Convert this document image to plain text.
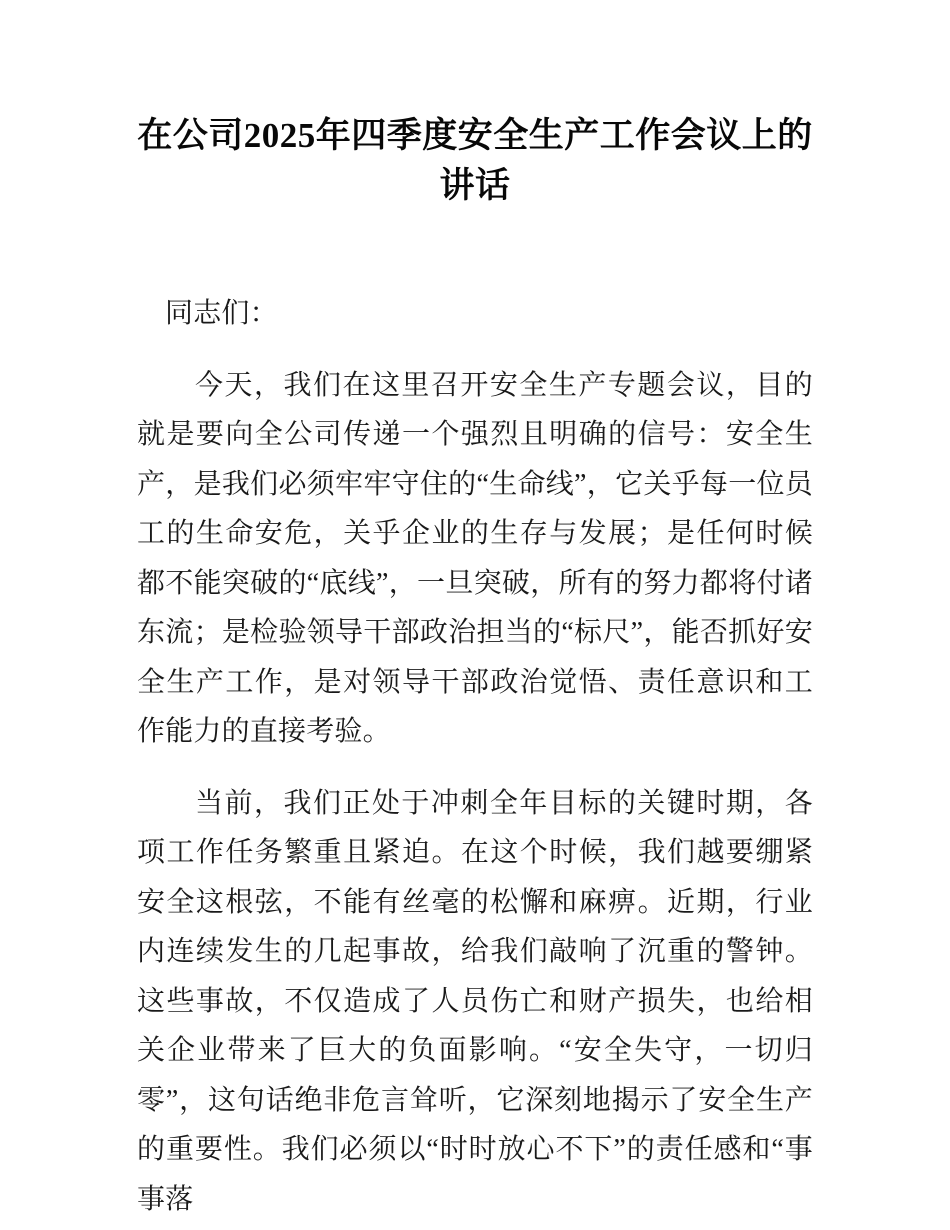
在公司2025年四季度安全生产工作会议上的讲话

同志们：

今天，我们在这里召开安全生产专题会议，目的就是要向全公司传递一个强烈且明确的信号：安全生产，是我们必须牢牢守住的“生命线”，它关乎每一位员工的生命安危，关乎企业的生存与发展；是任何时候都不能突破的“底线”，一旦突破，所有的努力都将付诸东流；是检验领导干部政治担当的“标尺”，能否抓好安全生产工作，是对领导干部政治觉悟、责任意识和工作能力的直接考验。

当前，我们正处于冲刺全年目标的关键时期，各项工作任务繁重且紧迫。在这个时候，我们越要绷紧安全这根弦，不能有丝毫的松懈和麻痹。近期，行业内连续发生的几起事故，给我们敲响了沉重的警钟。这些事故，不仅造成了人员伤亡和财产损失，也给相关企业带来了巨大的负面影响。“安全失守，一切归零”，这句话绝非危言耸听，它深刻地揭示了安全生产的重要性。我们必须以“时时放心不下”的责任感和“事事落
